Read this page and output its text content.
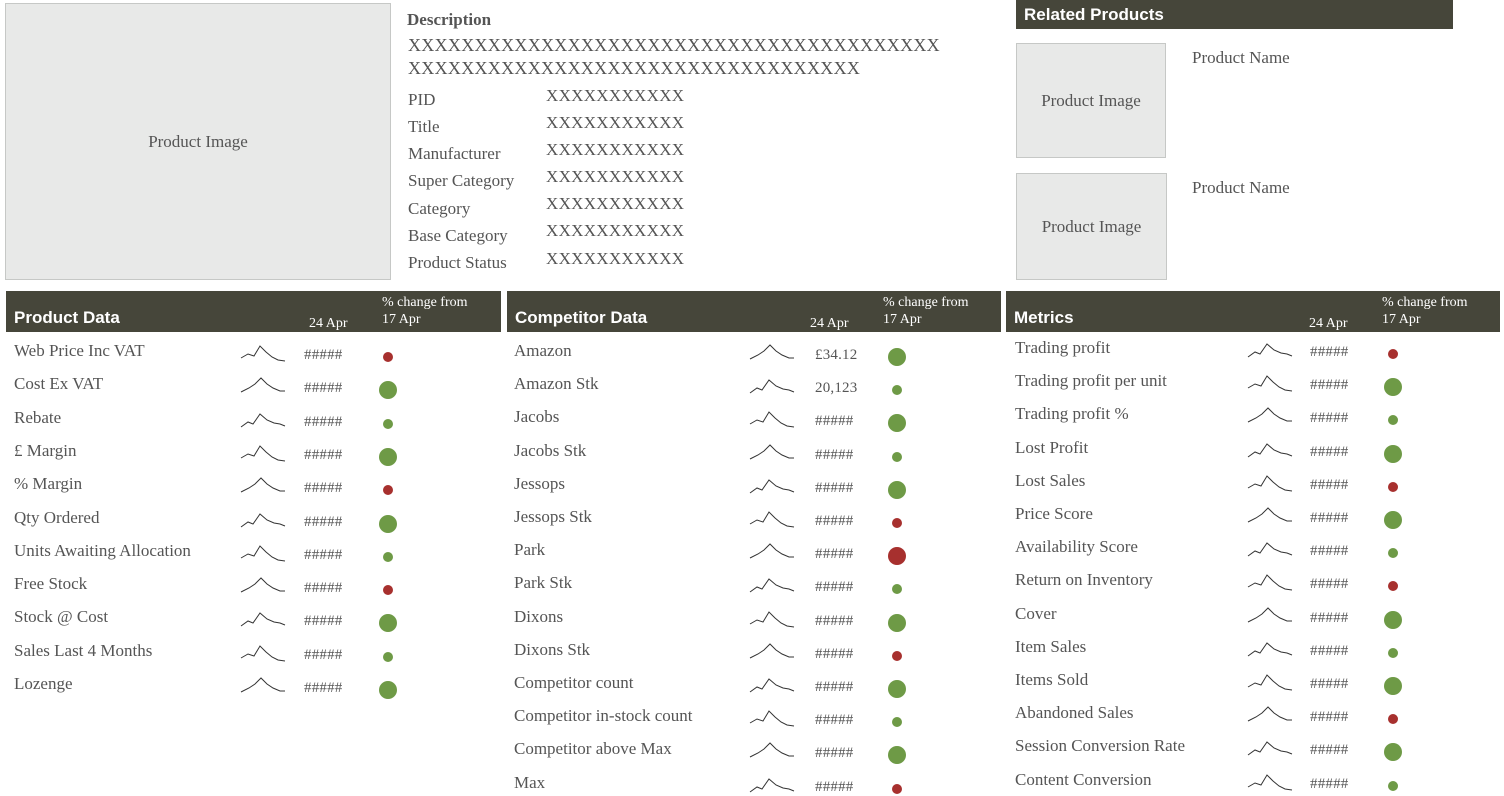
Product Image
Description
XXXXXXXXXXXXXXXXXXXXXXXXXXXXXXXXXXXXXXXX
XXXXXXXXXXXXXXXXXXXXXXXXXXXXXXXXXX
PID	XXXXXXXXXXX
Title	XXXXXXXXXXX
Manufacturer	XXXXXXXXXXX
Super Category XXXXXXXXXXX
Category	XXXXXXXXXXX
Base Category XXXXXXXXXXX
Product Status XXXXXXXXXXX
Related Products
Product Image
Product Name
Product Image
Product Name
Product Data	24 Apr
% change from
17 Apr
Web Price Inc VAT	#####
Cost Ex VAT	#####
Rebate	#####
£ Margin	#####
% Margin	#####
Qty Ordered	#####
Units Awaiting Allocation	#####
Free Stock	#####
Stock @ Cost	#####
Sales Last 4 Months	#####
Lozenge	#####
Competitor Data	24 Apr
% change from
17 Apr
Amazon	£34.12
Amazon Stk	20,123
Jacobs	#####
Jacobs Stk	#####
Jessops	#####
Jessops Stk	#####
Park	#####
Park Stk	#####
Dixons	#####
Dixons Stk	#####
Competitor count	#####
Competitor in-stock count	#####
Competitor above Max	#####
Max	#####
Metrics	24 Apr
% change from
17 Apr
Trading profit	#####
Trading profit per unit	#####
Trading profit %	#####
Lost Profit	#####
Lost Sales	#####
Price Score	#####
Availability Score	#####
Return on Inventory	#####
Cover	#####
Item Sales	#####
Items Sold	#####
Abandoned Sales	#####
Session Conversion Rate	#####
Content Conversion	#####
